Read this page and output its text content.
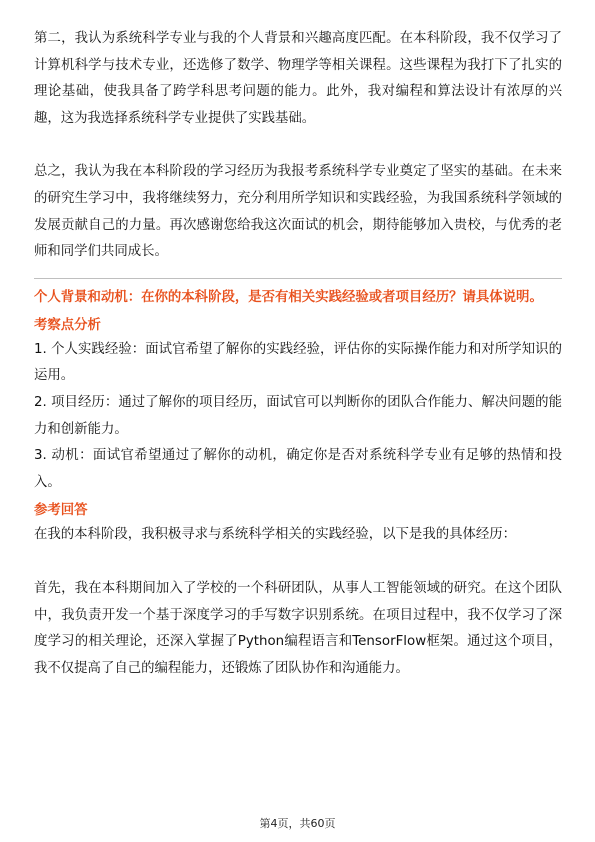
第二，我认为系统科学专业与我的个人背景和兴趣高度匹配。在本科阶段，我不仅学习了计算机科学与技术专业，还选修了数学、物理学等相关课程。这些课程为我打下了扎实的理论基础，使我具备了跨学科思考问题的能力。此外，我对编程和算法设计有浓厚的兴趣，这为我选择系统科学专业提供了实践基础。

总之，我认为我在本科阶段的学习经历为我报考系统科学专业奠定了坚实的基础。在未来的研究生学习中，我将继续努力，充分利用所学知识和实践经验，为我国系统科学领域的发展贡献自己的力量。再次感谢您给我这次面试的机会，期待能够加入贵校，与优秀的老师和同学们共同成长。

个人背景和动机：在你的本科阶段，是否有相关实践经验或者项目经历？请具体说明。

考察点分析

1. 个人实践经验：面试官希望了解你的实践经验，评估你的实际操作能力和对所学知识的运用。

2. 项目经历：通过了解你的项目经历，面试官可以判断你的团队合作能力、解决问题的能力和创新能力。

3. 动机：面试官希望通过了解你的动机，确定你是否对系统科学专业有足够的热情和投入。

参考回答

在我的本科阶段，我积极寻求与系统科学相关的实践经验，以下是我的具体经历：

首先，我在本科期间加入了学校的一个科研团队，从事人工智能领域的研究。在这个团队中，我负责开发一个基于深度学习的手写数字识别系统。在项目过程中，我不仅学习了深度学习的相关理论，还深入掌握了Python编程语言和TensorFlow框架。通过这个项目，我不仅提高了自己的编程能力，还锻炼了团队协作和沟通能力。

第4页，共60页
